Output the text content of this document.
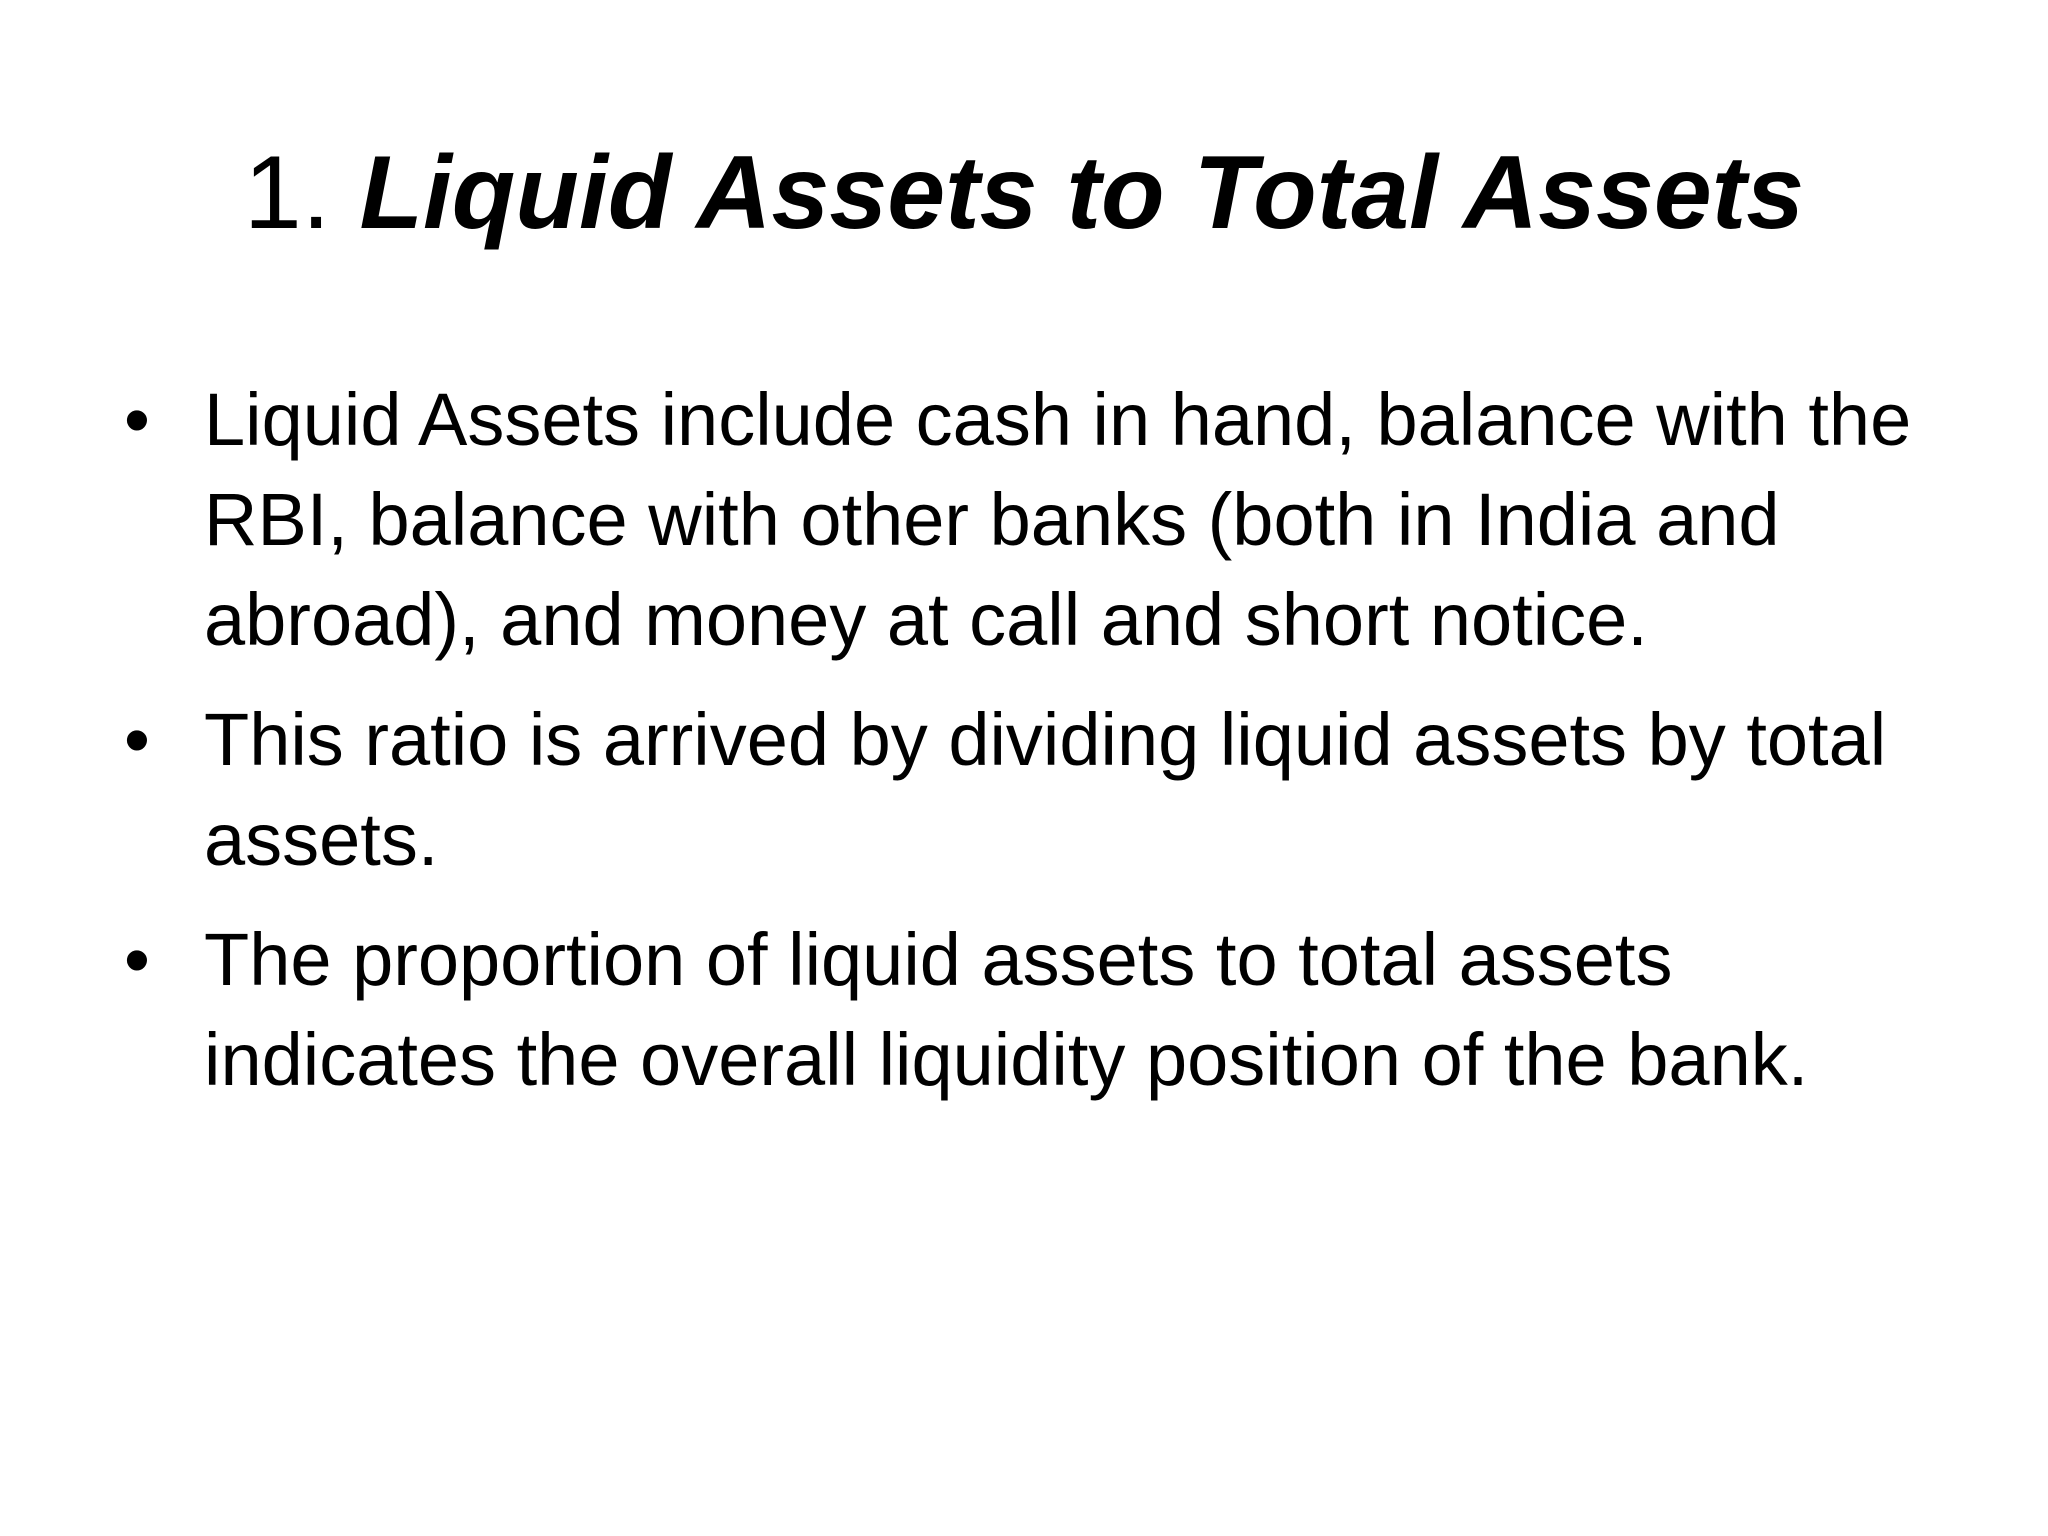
1. Liquid Assets to Total Assets
• Liquid Assets include cash in hand, balance with the RBI, balance with other banks (both in India and abroad), and money at call and short notice.
• This ratio is arrived by dividing liquid assets by total assets.
• The proportion of liquid assets to total assets indicates the overall liquidity position of the bank.
